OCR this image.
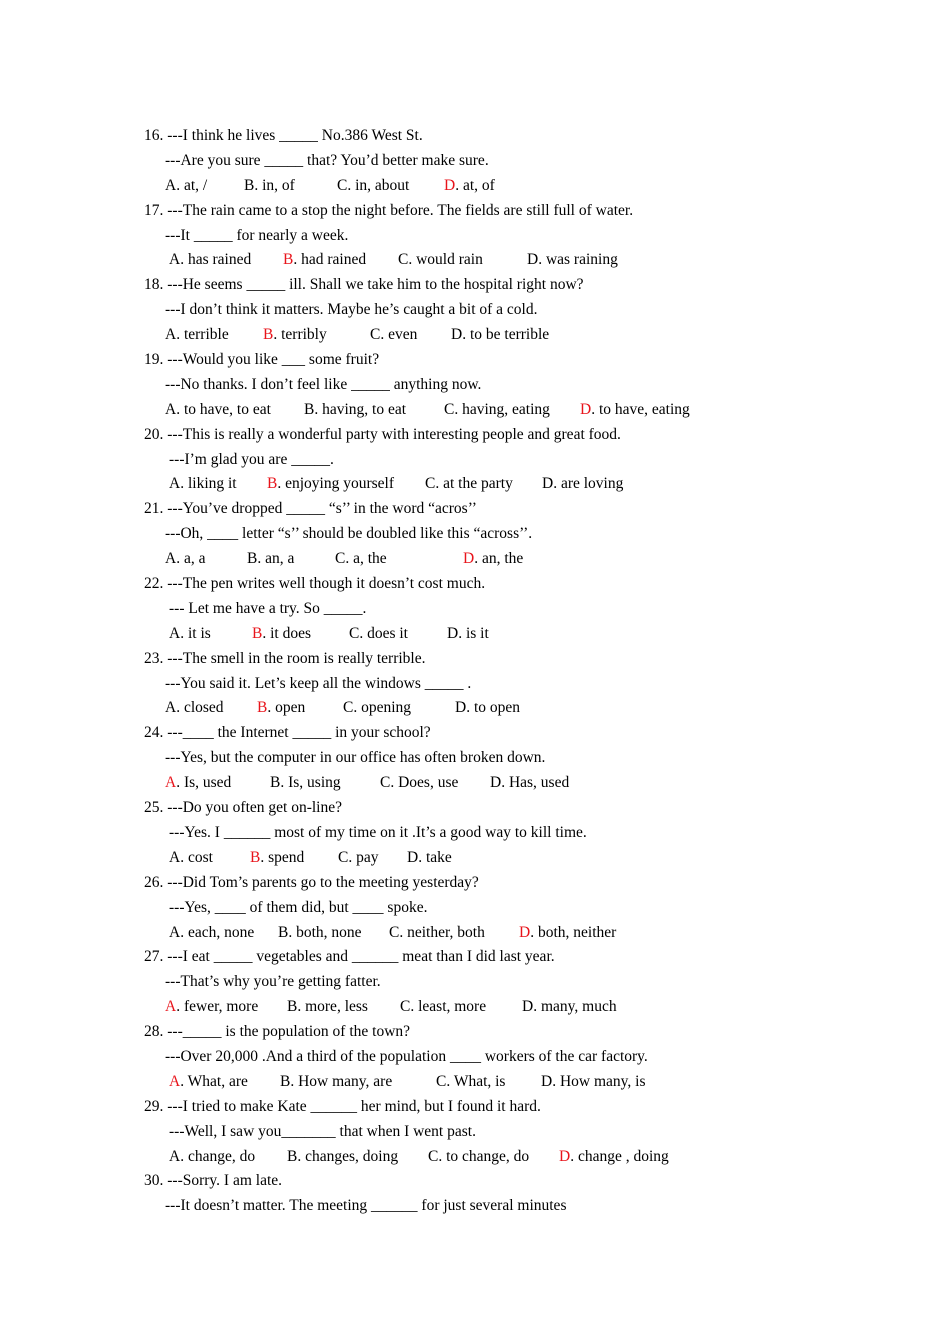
16. ---I think he lives _____ No.386 West St.
---Are you sure _____ that? You’d better make sure.
A. at, / B. in, of	C. in, about D. at, of
17. ---The rain came to a stop the night before. The fields are still full of water.
---It _____ for nearly a week.
A. has rained B. had rained C. would rain	D. was raining
18. ---He seems _____ ill. Shall we take him to the hospital right now?
---I don’t think it matters. Maybe he’s caught a bit of a cold.
A. terrible B. terribly	C. even D. to be terrible
19. ---Would you like ___ some fruit?
---No thanks. I don’t feel like _____ anything now.
A. to have, to eat B. having, to eat C. having, eating D. to have, eating
20. ---This is really a wonderful party with interesting people and great food.
---I’m glad you are _____.
A. liking it B. enjoying yourself C. at the party D. are loving
21. ---You’ve dropped _____ “s’’ in the word “acros’’
---Oh, ____ letter “s’’ should be doubled like this “across’’.
A. a, a	B. an, a	C. a, the	D. an, the
22. ---The pen writes well though it doesn’t cost much.
--- Let me have a try. So _____.
A. it is	B. it does C. does it	D. is it
23. ---The smell in the room is really terrible.
---You said it. Let’s keep all the windows _____ .
A. closed B. open C. opening	D. to open
24. ---____ the Internet _____ in your school?
---Yes, but the computer in our office has often broken down.
A. Is, used B. Is, using	C. Does, use D. Has, used
25. ---Do you often get on-line?
---Yes. I ______ most of my time on it .It’s a good way to kill time.
A. cost B. spend C. pay D. take
26. ---Did Tom’s parents go to the meeting yesterday?
---Yes, ____ of them did, but ____ spoke.
A. each, none B. both, none C. neither, both D. both, neither
27. ---I eat _____ vegetables and ______ meat than I did last year.
---That’s why you’re getting fatter.
A. fewer, more B. more, less C. least, more D. many, much
28. ---_____ is the population of the town?
---Over 20,000 .And a third of the population ____ workers of the car factory.
A. What, are B. How many, are	C. What, is D. How many, is
29. ---I tried to make Kate ______ her mind, but I found it hard.
---Well, I saw you_______ that when I went past.
A. change, do B. changes, doing C. to change, do D. change , doing
30. ---Sorry. I am late.
---It doesn’t matter. The meeting ______ for just several minutes
